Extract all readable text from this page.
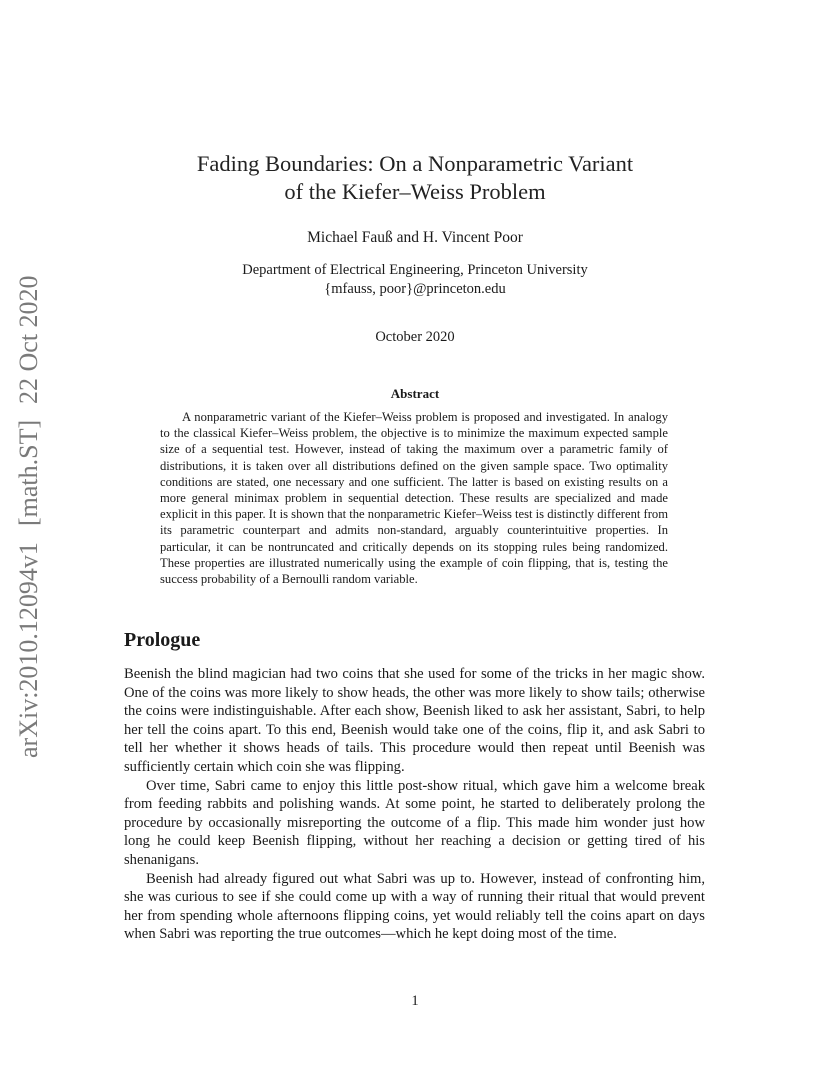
arXiv:2010.12094v1
[math.ST]
22 Oct 2020
Fading Boundaries: On a Nonparametric Variant
of the Kiefer–Weiss Problem
Michael Fauß and H. Vincent Poor
Department of Electrical Engineering, Princeton University
{mfauss, poor}@princeton.edu
October 2020
Abstract

A nonparametric variant of the Kiefer–Weiss problem is proposed and investigated. In analogy to the classical Kiefer–Weiss problem, the objective is to minimize the maximum expected sample size of a sequential test. However, instead of taking the maximum over a parametric family of distributions, it is taken over all distributions defined on the given sample space. Two optimality conditions are stated, one necessary and one sufficient. The latter is based on existing results on a more general minimax problem in sequential detection. These results are specialized and made explicit in this paper. It is shown that the nonparametric Kiefer–Weiss test is distinctly different from its parametric counterpart and admits non-standard, arguably counterintuitive properties. In particular, it can be nontruncated and critically depends on its stopping rules being randomized. These properties are illustrated numerically using the example of coin flipping, that is, testing the success probability of a Bernoulli random variable.

Prologue

Beenish the blind magician had two coins that she used for some of the tricks in her magic show. One of the coins was more likely to show heads, the other was more likely to show tails; otherwise the coins were indistinguishable. After each show, Beenish liked to ask her assistant, Sabri, to help her tell the coins apart. To this end, Beenish would take one of the coins, flip it, and ask Sabri to tell her whether it shows heads of tails. This procedure would then repeat until Beenish was sufficiently certain which coin she was flipping.

Over time, Sabri came to enjoy this little post-show ritual, which gave him a welcome break from feeding rabbits and polishing wands. At some point, he started to deliberately prolong the procedure by occasionally misreporting the outcome of a flip. This made him wonder just how long he could keep Beenish flipping, without her reaching a decision or getting tired of his shenanigans.

Beenish had already figured out what Sabri was up to. However, instead of confronting him, she was curious to see if she could come up with a way of running their ritual that would prevent her from spending whole afternoons flipping coins, yet would reliably tell the coins apart on days when Sabri was reporting the true outcomes—which he kept doing most of the time.

1
